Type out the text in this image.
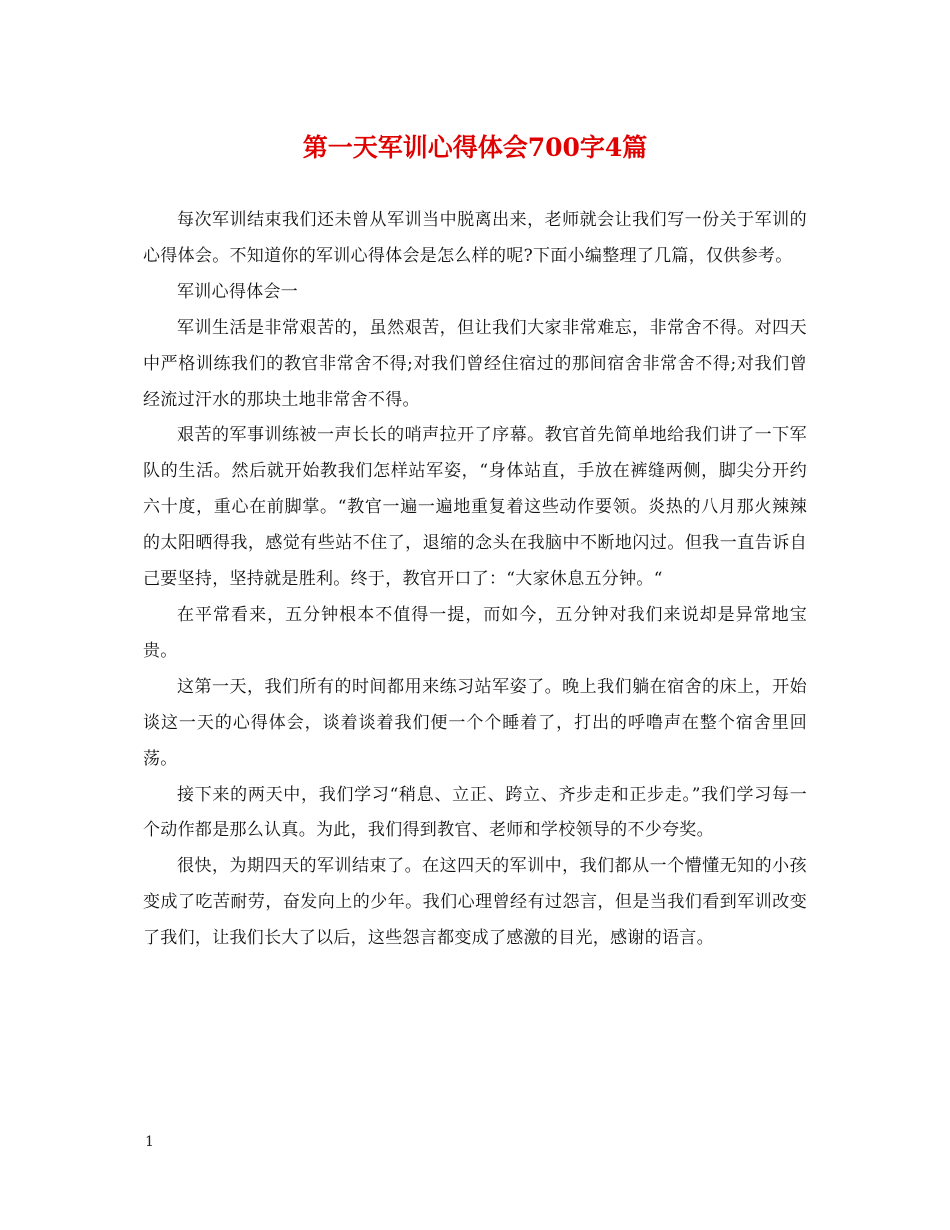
第一天军训心得体会700字4篇

每次军训结束我们还未曾从军训当中脱离出来，老师就会让我们写一份关于军训的心得体会。不知道你的军训心得体会是怎么样的呢?下面小编整理了几篇，仅供参考。

军训心得体会一

军训生活是非常艰苦的，虽然艰苦，但让我们大家非常难忘，非常舍不得。对四天中严格训练我们的教官非常舍不得;对我们曾经住宿过的那间宿舍非常舍不得;对我们曾经流过汗水的那块土地非常舍不得。

艰苦的军事训练被一声长长的哨声拉开了序幕。教官首先简单地给我们讲了一下军队的生活。然后就开始教我们怎样站军姿，“身体站直，手放在裤缝两侧，脚尖分开约六十度，重心在前脚掌。“教官一遍一遍地重复着这些动作要领。炎热的八月那火辣辣的太阳晒得我，感觉有些站不住了，退缩的念头在我脑中不断地闪过。但我一直告诉自己要坚持，坚持就是胜利。终于，教官开口了：“大家休息五分钟。“

在平常看来，五分钟根本不值得一提，而如今，五分钟对我们来说却是异常地宝贵。

这第一天，我们所有的时间都用来练习站军姿了。晚上我们躺在宿舍的床上，开始谈这一天的心得体会，谈着谈着我们便一个个睡着了，打出的呼噜声在整个宿舍里回荡。

接下来的两天中，我们学习“稍息、立正、跨立、齐步走和正步走。”我们学习每一个动作都是那么认真。为此，我们得到教官、老师和学校领导的不少夸奖。

很快，为期四天的军训结束了。在这四天的军训中，我们都从一个懵懂无知的小孩变成了吃苦耐劳，奋发向上的少年。我们心理曾经有过怨言，但是当我们看到军训改变了我们，让我们长大了以后，这些怨言都变成了感激的目光，感谢的语言。

1
